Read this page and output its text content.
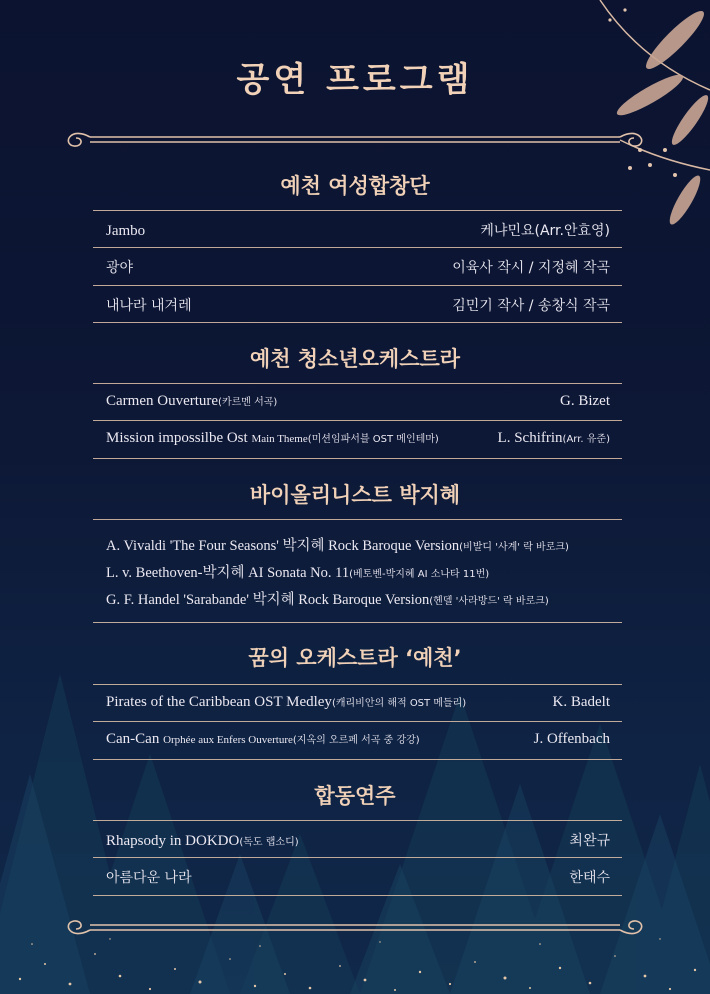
공연 프로그램
예천 여성합창단
Jambo	케냐민요(Arr.안효영)
광야	이육사 작시 / 지정혜 작곡
내나라 내겨레	김민기 작사 / 송창식 작곡
예천 청소년오케스트라
Carmen Ouverture(카르멘 서곡)	G. Bizet
Mission impossilbe Ost Main Theme(미션임파서블 OST 메인테마)	L. Schifrin(Arr. 유준)
바이올리니스트 박지혜
A. Vivaldi 'The Four Seasons' 박지혜 Rock Baroque Version(비발디 '사계' 락 바로크)
L. v. Beethoven-박지혜 AI Sonata No. 11(베토벤-박지혜 AI 소나타 11번)
G. F. Handel 'Sarabande' 박지혜 Rock Baroque Version(헨델 '사라방드' 락 바로크)
꿈의 오케스트라 ‘예천’
Pirates of the Caribbean OST Medley(캐리비안의 해적 OST 메들리)	K. Badelt
Can-Can Orphée aux Enfers Ouverture(지옥의 오르페 서곡 중 강강)	J. Offenbach
합동연주
Rhapsody in DOKDO(독도 랩소디)	최완규
아름다운 나라	한태수
